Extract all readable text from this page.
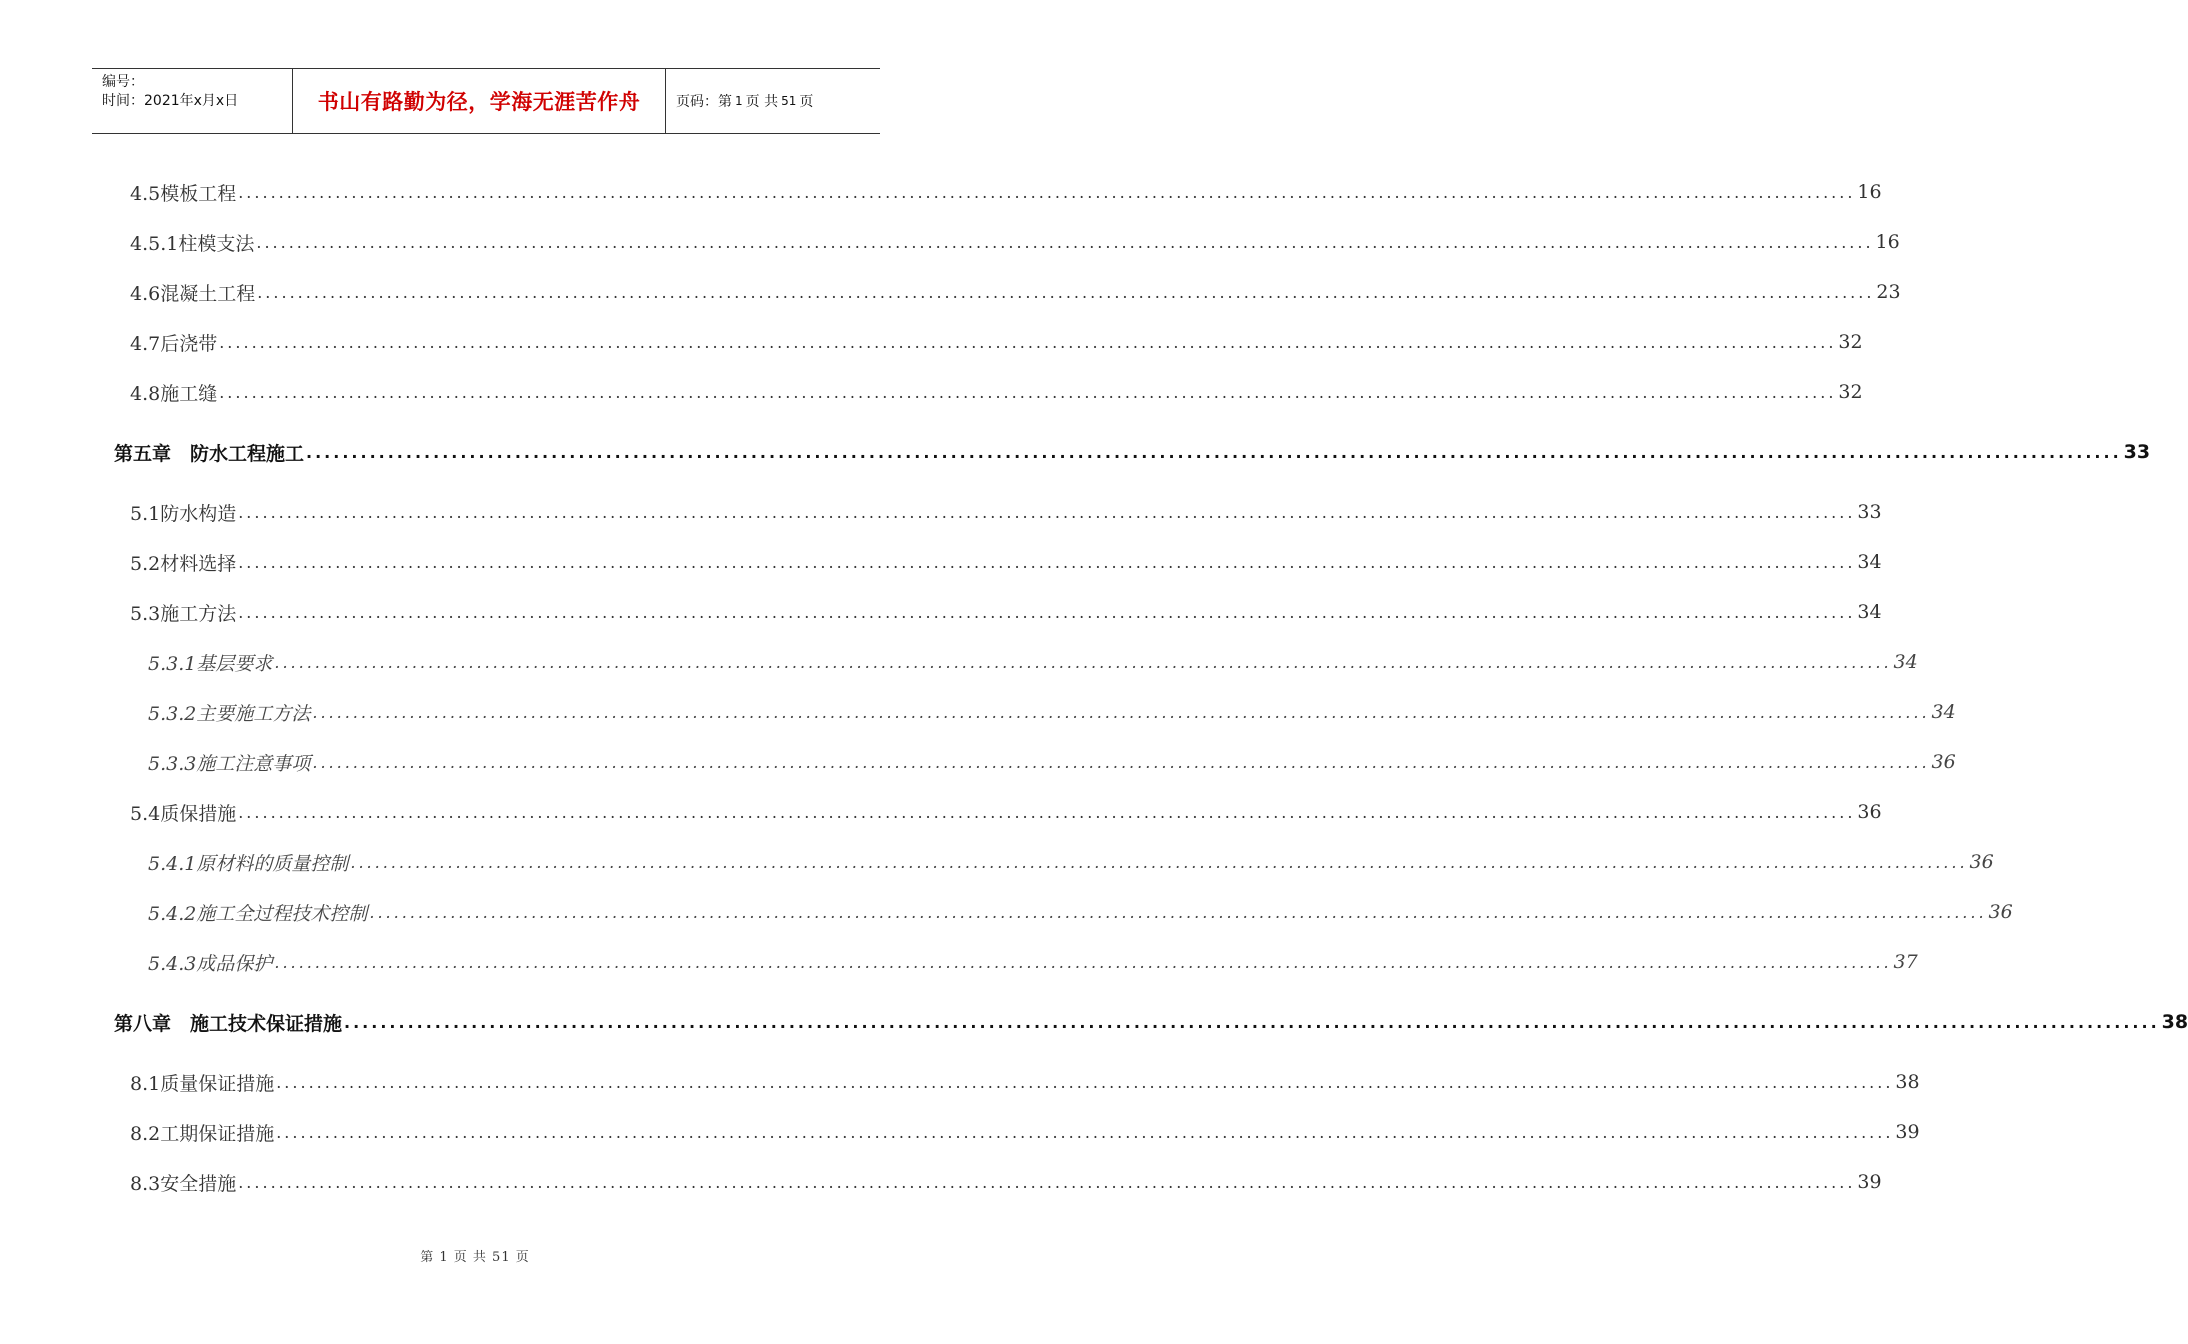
编号：
时间：2021年x月x日	书山有路勤为径，学海无涯苦作舟	页码：第 1 页 共 51 页
4.5模板工程 ........................................................................................................................................................................................................ 16
4.5.1柱模支法 ........................................................................................................................................................................................................ 16
4.6混凝土工程 ........................................................................................................................................................................................................ 23
4.7后浇带 ........................................................................................................................................................................................................ 32
4.8施工缝 ........................................................................................................................................................................................................ 32
第五章　防水工程施工 ........................................................................................................................................................................................................ 33
5.1防水构造 ........................................................................................................................................................................................................ 33
5.2材料选择 ........................................................................................................................................................................................................ 34
5.3施工方法 ........................................................................................................................................................................................................ 34
5.3.1基层要求 ........................................................................................................................................................................................................ 34
5.3.2主要施工方法 ........................................................................................................................................................................................................ 34
5.3.3施工注意事项 ........................................................................................................................................................................................................ 36
5.4质保措施 ........................................................................................................................................................................................................ 36
5.4.1原材料的质量控制 ........................................................................................................................................................................................................ 36
5.4.2施工全过程技术控制 ........................................................................................................................................................................................................ 36
5.4.3成品保护 ........................................................................................................................................................................................................ 37
第八章　施工技术保证措施 ........................................................................................................................................................................................................ 38
8.1质量保证措施 ........................................................................................................................................................................................................ 38
8.2工期保证措施 ........................................................................................................................................................................................................ 39
8.3安全措施 ........................................................................................................................................................................................................ 39
第 1 页 共 51 页
